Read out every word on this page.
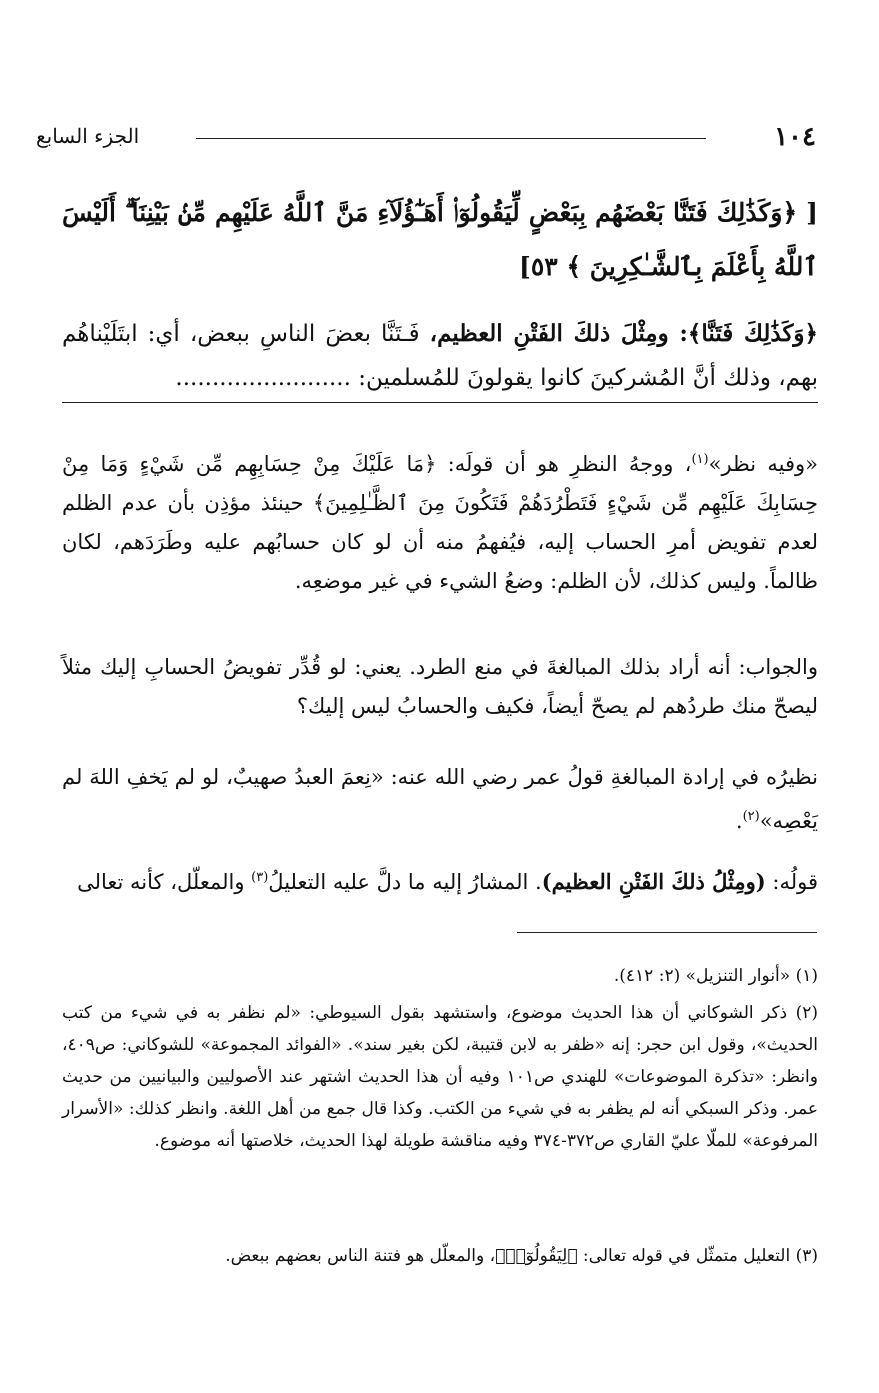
١٠٤
الجزء السابع
[ ﴿وَكَذَٰلِكَ فَتَنَّا بَعْضَهُم بِبَعْضٍ لِّيَقُولُوٓا۟ أَهَـٰٓؤُلَآءِ مَنَّ ٱللَّهُ عَلَيْهِم مِّنۢ بَيْنِنَآ ۗ أَلَيْسَ ٱللَّهُ بِأَعْلَمَ بِٱلشَّـٰكِرِينَ ﴾ ٥٣]
﴿وَكَذَٰلِكَ فَتَنَّا﴾: ومِثْلَ ذلكَ الفَتْنِ العظيم، فَـتَنَّا بعضَ الناسِ ببعض، أي: ابتَلَيْناهُم بهم، وذلك أنَّ المُشركينَ كانوا يقولونَ للمُسلمين: ........................
«وفيه نظر»$^{(١)}$، ووجهُ النظرِ هو أن قولَه: ﴿مَا عَلَيْكَ مِنْ حِسَابِهِم مِّن شَيْءٍ وَمَا مِنْ حِسَابِكَ عَلَيْهِم مِّن شَيْءٍ فَتَطْرُدَهُمْ فَتَكُونَ مِنَ ٱلظَّـٰلِمِينَ﴾ حينئذ مؤذِن بأن عدم الظلم لعدم تفويض أمرِ الحساب إليه، فيُفهمُ منه أن لو كان حسابُهم عليه وطَرَدَهم، لكان ظالماً. وليس كذلك، لأن الظلم: وضعُ الشيء في غير موضعِه.
والجواب: أنه أراد بذلك المبالغةَ في منع الطرد. يعني: لو قُدِّر تفويضُ الحسابِ إليك مثلاً ليصحّ منك طردُهم لم يصحّ أيضاً، فكيف والحسابُ ليس إليك؟
نظيرُه في إرادة المبالغةِ قولُ عمر رضي الله عنه: «نِعمَ العبدُ صهيبٌ، لو لم يَخفِ اللهَ لم يَعْصِه»$^{(٢)}$.
قولُه: (ومِثْلُ ذلكَ الفَتْنِ العظيم). المشارُ إليه ما دلَّ عليه التعليلُ$^{(٣)}$ والمعلّل، كأنه تعالى
(١) «أنوار التنزيل» (٢: ٤١٢).
(٢) ذكر الشوكاني أن هذا الحديث موضوع، واستشهد بقول السيوطي: «لم نظفر به في شيء من كتب الحديث»، وقول ابن حجر: إنه «ظفر به لابن قتيبة، لكن بغير سند». «الفوائد المجموعة» للشوكاني: ص٤٠٩، وانظر: «تذكرة الموضوعات» للهندي ص١٠١ وفيه أن هذا الحديث اشتهر عند الأصوليين والبيانيين من حديث عمر. وذكر السبكي أنه لم يظفر به في شيء من الكتب. وكذا قال جمع من أهل اللغة. وانظر كذلك: «الأسرار المرفوعة» للملّا عليّ القاري ص٣٧٢-٣٧٤ وفيه مناقشة طويلة لهذا الحديث، خلاصتها أنه موضوع.
(٣) التعليل متمثّل في قوله تعالى: ﴿لِيَقُولُوٓا۟﴾، والمعلّل هو فتنة الناس بعضهم ببعض.
